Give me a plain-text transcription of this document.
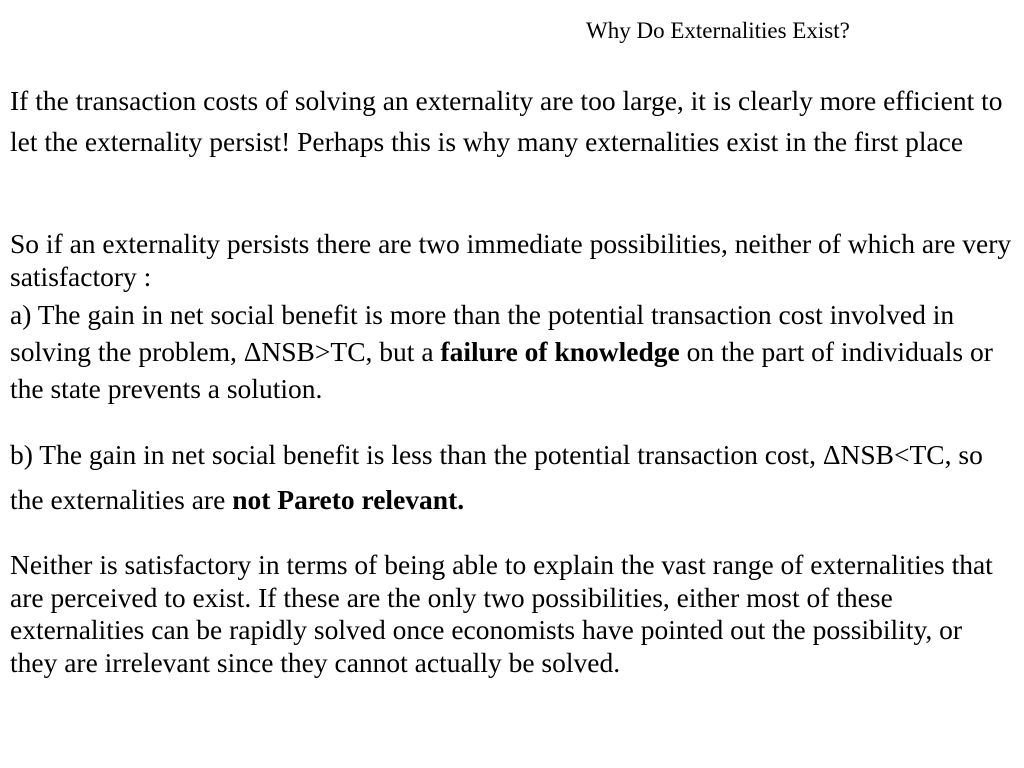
Why Do Externalities Exist?

If the transaction costs of solving an externality are too large, it is clearly more efficient to let the externality persist! Perhaps this is why many externalities exist in the first place

So if an externality persists there are two immediate possibilities, neither of which are very satisfactory :

a) The gain in net social benefit is more than the potential transaction cost involved in solving the problem, ΔNSB>TC, but a failure of knowledge on the part of individuals or the state prevents a solution.

b) The gain in net social benefit is less than the potential transaction cost, ΔNSB<TC, so the externalities are not Pareto relevant.

Neither is satisfactory in terms of being able to explain the vast range of externalities that are perceived to exist. If these are the only two possibilities, either most of these externalities can be rapidly solved once economists have pointed out the possibility, or they are irrelevant since they cannot actually be solved.
